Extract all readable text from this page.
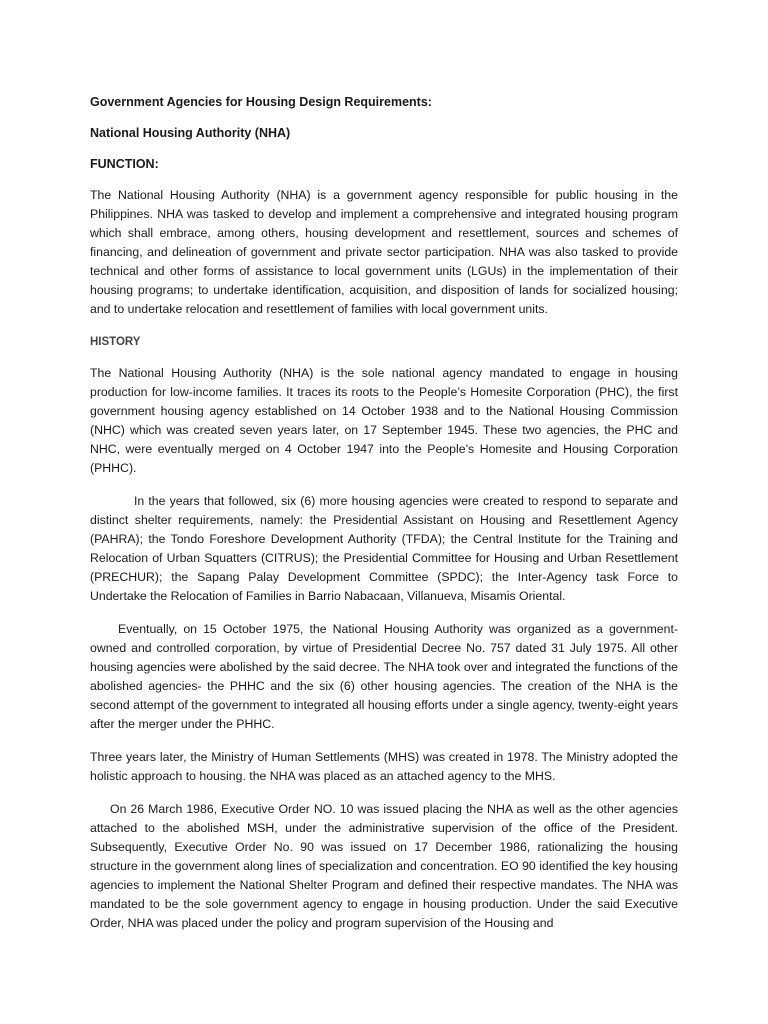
Government Agencies for Housing Design Requirements:
National Housing Authority (NHA)
FUNCTION:

The National Housing Authority (NHA) is a government agency responsible for public housing in the Philippines. NHA was tasked to develop and implement a comprehensive and integrated housing program which shall embrace, among others, housing development and resettlement, sources and schemes of financing, and delineation of government and private sector participation. NHA was also tasked to provide technical and other forms of assistance to local government units (LGUs) in the implementation of their housing programs; to undertake identification, acquisition, and disposition of lands for socialized housing; and to undertake relocation and resettlement of families with local government units.

HISTORY

The National Housing Authority (NHA) is the sole national agency mandated to engage in housing production for low-income families. It traces its roots to the People’s Homesite Corporation (PHC), the first government housing agency established on 14 October 1938 and to the National Housing Commission (NHC) which was created seven years later, on 17 September 1945. These two agencies, the PHC and NHC, were eventually merged on 4 October 1947 into the People’s Homesite and Housing Corporation (PHHC).

In the years that followed, six (6) more housing agencies were created to respond to separate and distinct shelter requirements, namely: the Presidential Assistant on Housing and Resettlement Agency (PAHRA); the Tondo Foreshore Development Authority (TFDA); the Central Institute for the Training and Relocation of Urban Squatters (CITRUS); the Presidential Committee for Housing and Urban Resettlement (PRECHUR); the Sapang Palay Development Committee (SPDC); the Inter-Agency task Force to Undertake the Relocation of Families in Barrio Nabacaan, Villanueva, Misamis Oriental.

Eventually, on 15 October 1975, the National Housing Authority was organized as a government-owned and controlled corporation, by virtue of Presidential Decree No. 757 dated 31 July 1975. All other housing agencies were abolished by the said decree. The NHA took over and integrated the functions of the abolished agencies- the PHHC and the six (6) other housing agencies. The creation of the NHA is the second attempt of the government to integrated all housing efforts under a single agency, twenty-eight years after the merger under the PHHC.

Three years later, the Ministry of Human Settlements (MHS) was created in 1978. The Ministry adopted the holistic approach to housing. the NHA was placed as an attached agency to the MHS.

On 26 March 1986, Executive Order NO. 10 was issued placing the NHA as well as the other agencies attached to the abolished MSH, under the administrative supervision of the office of the President. Subsequently, Executive Order No. 90 was issued on 17 December 1986, rationalizing the housing structure in the government along lines of specialization and concentration. EO 90 identified the key housing agencies to implement the National Shelter Program and defined their respective mandates. The NHA was mandated to be the sole government agency to engage in housing production. Under the said Executive Order, NHA was placed under the policy and program supervision of the Housing and
